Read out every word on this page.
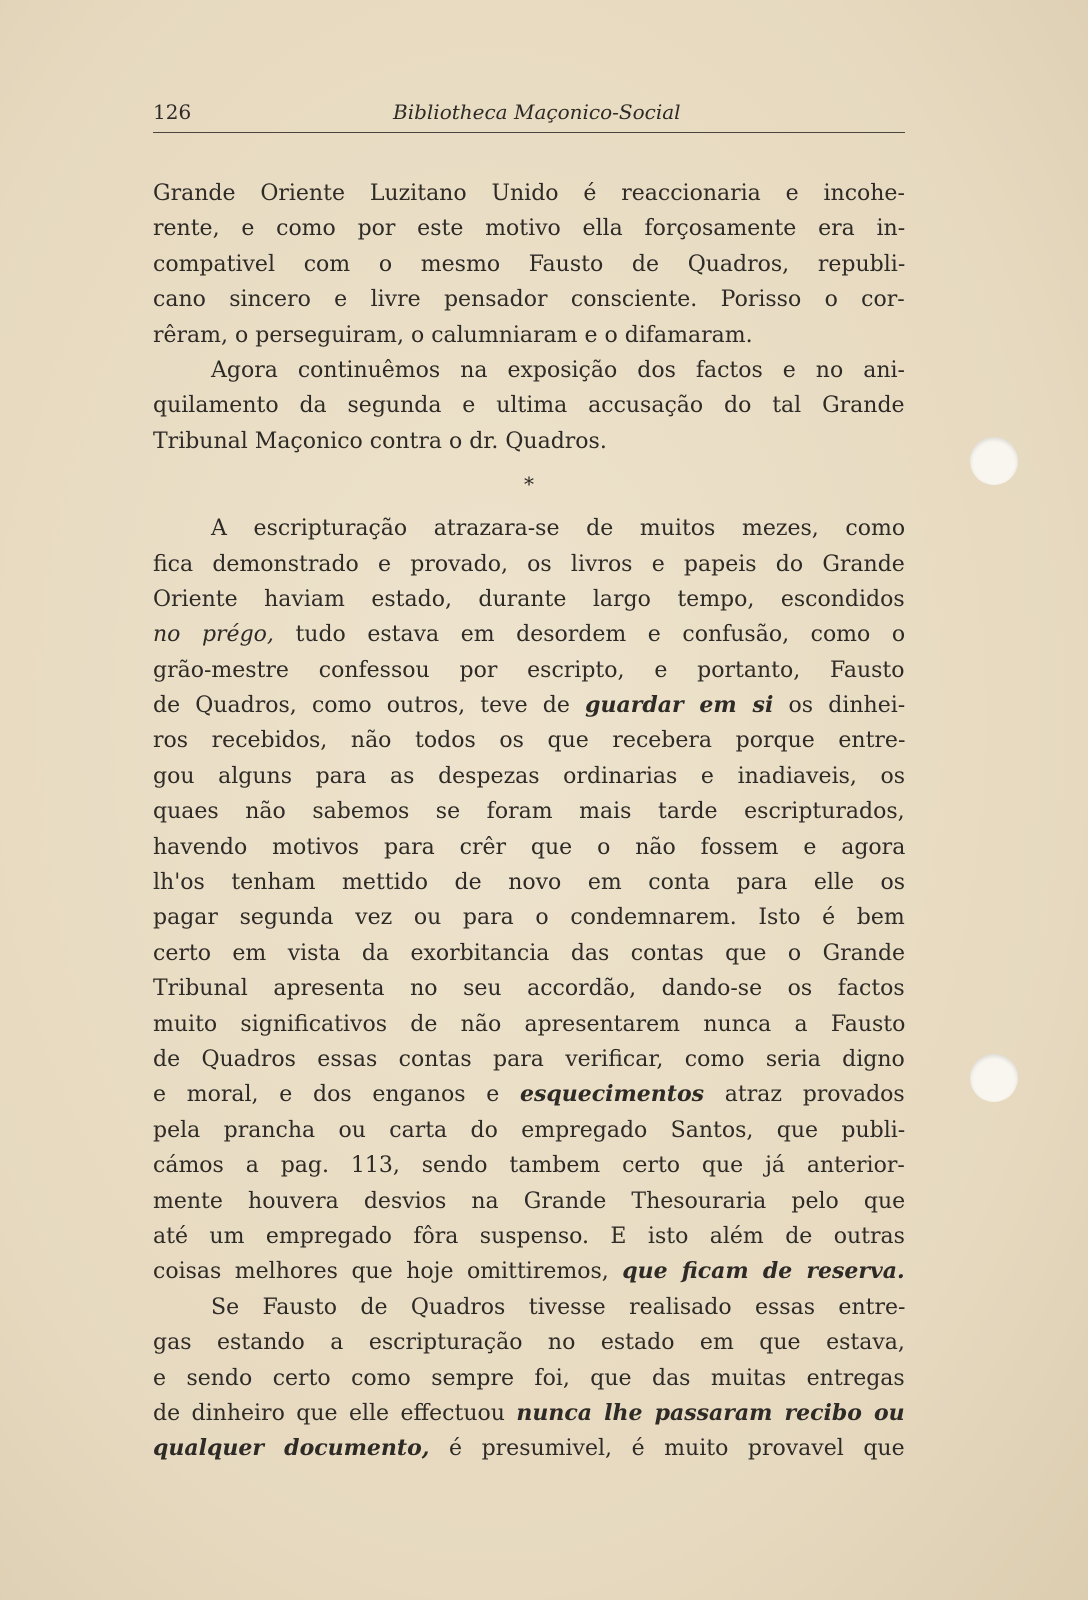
126	Bibliotheca Maçonico-Social
Grande Oriente Luzitano Unido é reaccionaria e incohe-
rente, e como por este motivo ella forçosamente era in-
compativel com o mesmo Fausto de Quadros, republi-
cano sincero e livre pensador consciente. Porisso o cor-
rêram, o perseguiram, o calumniaram e o difamaram.
Agora continuêmos na exposição dos factos e no ani-
quilamento da segunda e ultima accusação do tal Grande
Tribunal Maçonico contra o dr. Quadros.
*
A escripturação atrazara-se de muitos mezes, como
fica demonstrado e provado, os livros e papeis do Grande
Oriente haviam estado, durante largo tempo, escondidos
no prégo, tudo estava em desordem e confusão, como o
grão-mestre confessou por escripto, e portanto, Fausto
de Quadros, como outros, teve de guardar em si os dinhei-
ros recebidos, não todos os que recebera porque entre-
gou alguns para as despezas ordinarias e inadiaveis, os
quaes não sabemos se foram mais tarde escripturados,
havendo motivos para crêr que o não fossem e agora
lh'os tenham mettido de novo em conta para elle os
pagar segunda vez ou para o condemnarem. Isto é bem
certo em vista da exorbitancia das contas que o Grande
Tribunal apresenta no seu accordão, dando-se os factos
muito significativos de não apresentarem nunca a Fausto
de Quadros essas contas para verificar, como seria digno
e moral, e dos enganos e esquecimentos atraz provados
pela prancha ou carta do empregado Santos, que publi-
cámos a pag. 113, sendo tambem certo que já anterior-
mente houvera desvios na Grande Thesouraria pelo que
até um empregado fôra suspenso. E isto além de outras
coisas melhores que hoje omittiremos, que ficam de reserva.
Se Fausto de Quadros tivesse realisado essas entre-
gas estando a escripturação no estado em que estava,
e sendo certo como sempre foi, que das muitas entregas
de dinheiro que elle effectuou nunca lhe passaram recibo ou
qualquer documento, é presumivel, é muito provavel que
